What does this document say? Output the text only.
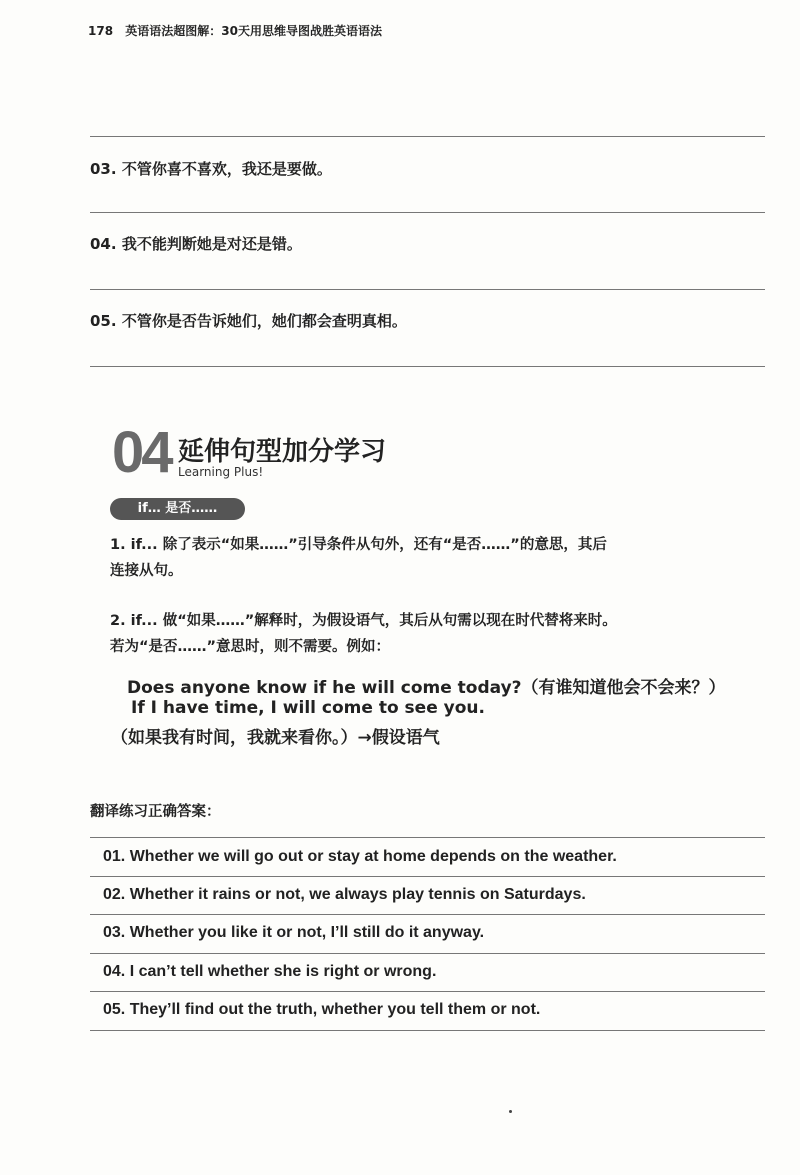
178 英语语法超图解：30天用思维导图战胜英语语法
03. 不管你喜不喜欢，我还是要做。
04. 我不能判断她是对还是错。
05. 不管你是否告诉她们，她们都会查明真相。
04 延伸句型加分学习
Learning Plus!
if… 是否……
1. if... 除了表示“如果……”引导条件从句外，还有“是否……”的意思，其后
连接从句。
2. if... 做“如果……”解释时，为假设语气，其后从句需以现在时代替将来时。
若为“是否……”意思时，则不需要。例如：
Does anyone know if he will come today?（有谁知道他会不会来？）
If I have time, I will come to see you.
（如果我有时间，我就来看你。）→假设语气
翻译练习正确答案：
01. Whether we will go out or stay at home depends on the weather.
02. Whether it rains or not, we always play tennis on Saturdays.
03. Whether you like it or not, I’ll still do it anyway.
04. I can’t tell whether she is right or wrong.
05. They’ll find out the truth, whether you tell them or not.
